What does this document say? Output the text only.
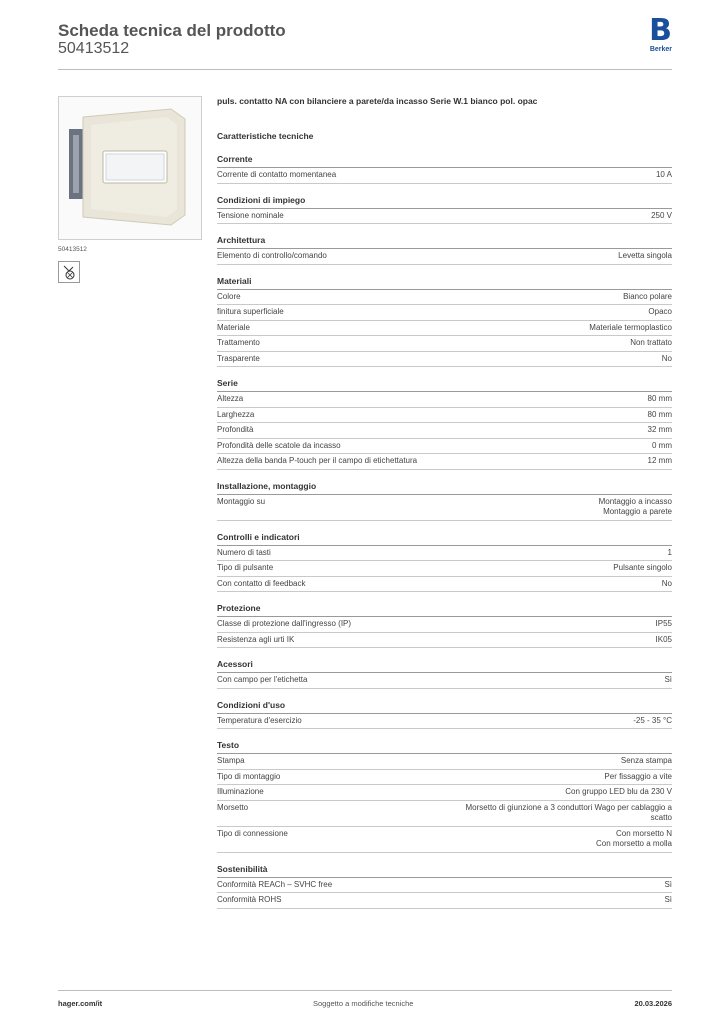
Scheda tecnica del prodotto
50413512
B
Berker
50413512
puls. contatto NA con bilanciere a parete/da incasso Serie W.1 bianco pol. opac
Caratteristiche tecniche
Corrente
Corrente di contatto momentanea	10 A
Condizioni di impiego
Tensione nominale	250 V
Architettura
Elemento di controllo/comando	Levetta singola
Materiali
Colore	Bianco polare
finitura superficiale	Opaco
Materiale	Materiale termoplastico
Trattamento	Non trattato
Trasparente	No
Serie
Altezza	80 mm
Larghezza	80 mm
Profondità	32 mm
Profondità delle scatole da incasso	0 mm
Altezza della banda P-touch per il campo di etichettatura	12 mm
Installazione, montaggio
Montaggio su	Montaggio a incasso
Montaggio a parete
Controlli e indicatori
Numero di tasti	1
Tipo di pulsante	Pulsante singolo
Con contatto di feedback	No
Protezione
Classe di protezione dall'ingresso (IP)	IP55
Resistenza agli urti IK	IK05
Acessori
Con campo per l'etichetta	Sì
Condizioni d'uso
Temperatura d'esercizio	-25 - 35 °C
Testo
Stampa	Senza stampa
Tipo di montaggio	Per fissaggio a vite
Illuminazione	Con gruppo LED blu da 230 V
Morsetto	Morsetto di giunzione a 3 conduttori Wago per cablaggio a scatto
Tipo di connessione	Con morsetto N
Con morsetto a molla
Sostenibilità
Conformità REACh – SVHC free	Sì
Conformità ROHS	Sì
hager.com/it	Soggetto a modifiche tecniche	20.03.2026
